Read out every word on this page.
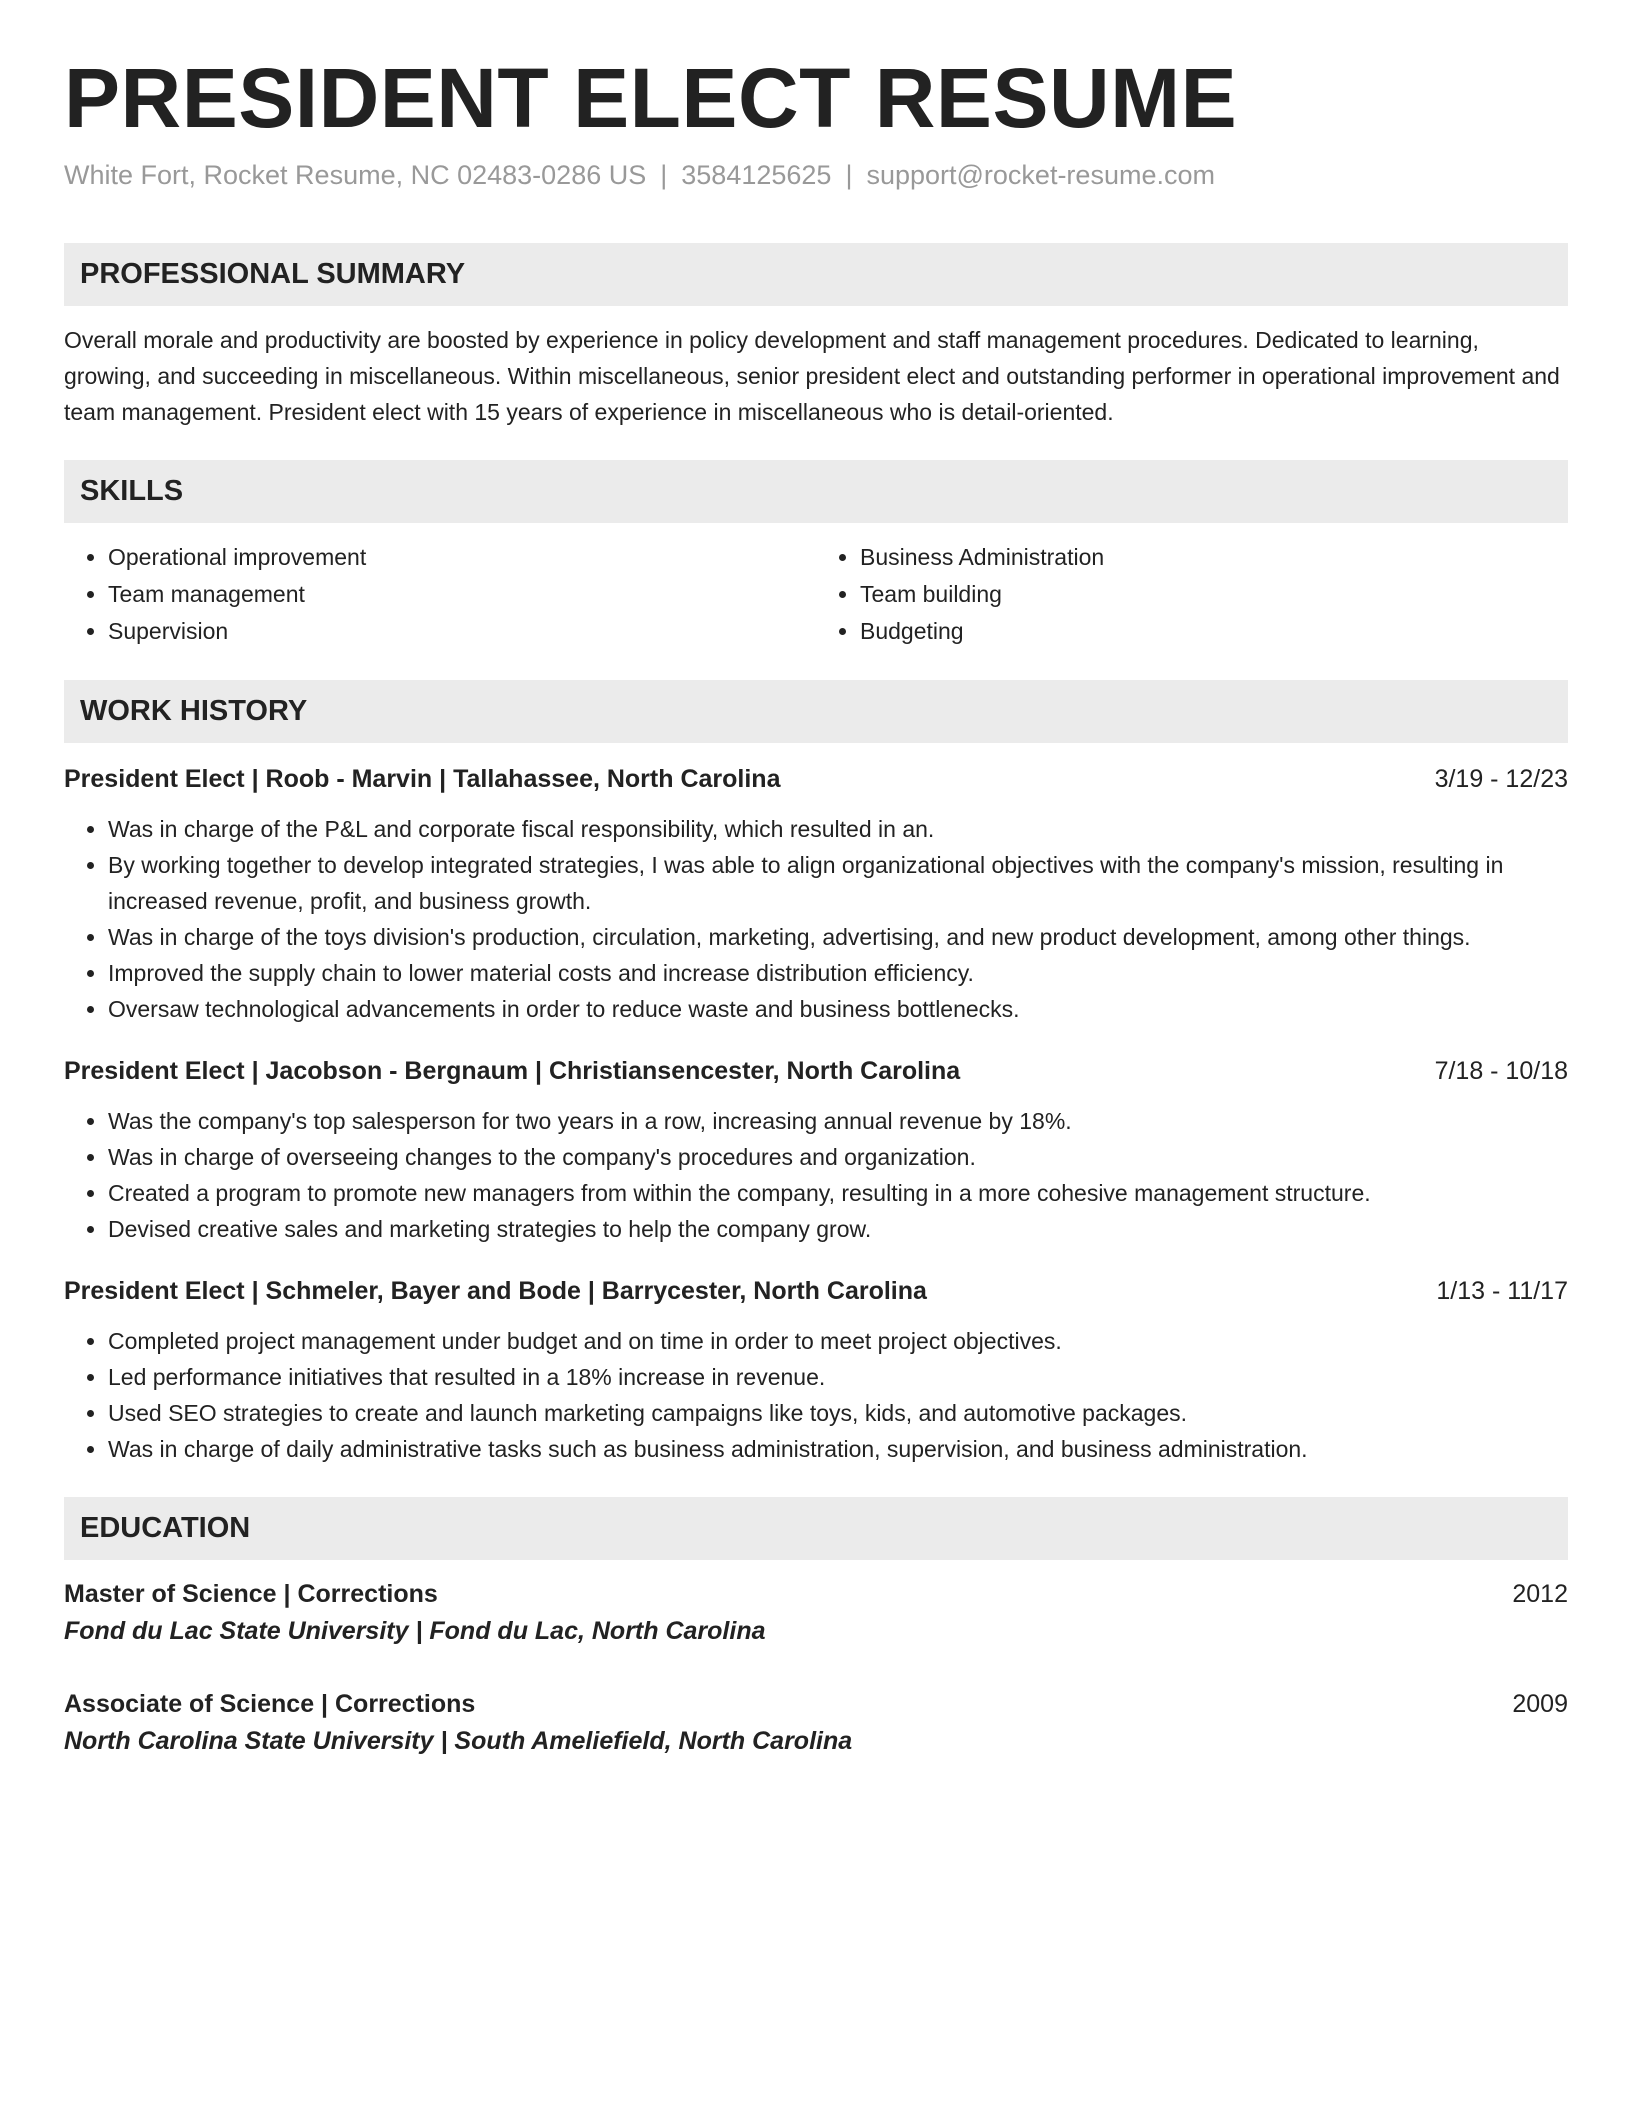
PRESIDENT ELECT RESUME
White Fort, Rocket Resume, NC 02483-0286 US | 3584125625 | support@rocket-resume.com
PROFESSIONAL SUMMARY

Overall morale and productivity are boosted by experience in policy development and staff management procedures. Dedicated to learning, growing, and succeeding in miscellaneous. Within miscellaneous, senior president elect and outstanding performer in operational improvement and team management. President elect with 15 years of experience in miscellaneous who is detail-oriented.

SKILLS
• Operational improvement
• Team management
• Supervision
• Business Administration
• Team building
• Budgeting
WORK HISTORY
President Elect | Roob - Marvin | Tallahassee, North Carolina	3/19 - 12/23
• Was in charge of the P&L and corporate fiscal responsibility, which resulted in an.
• By working together to develop integrated strategies, I was able to align organizational objectives with the company's mission, resulting in increased revenue, profit, and business growth.
• Was in charge of the toys division's production, circulation, marketing, advertising, and new product development, among other things.
• Improved the supply chain to lower material costs and increase distribution efficiency.
• Oversaw technological advancements in order to reduce waste and business bottlenecks.
President Elect | Jacobson - Bergnaum | Christiansencester, North Carolina	7/18 - 10/18
• Was the company's top salesperson for two years in a row, increasing annual revenue by 18%.
• Was in charge of overseeing changes to the company's procedures and organization.
• Created a program to promote new managers from within the company, resulting in a more cohesive management structure.
• Devised creative sales and marketing strategies to help the company grow.
President Elect | Schmeler, Bayer and Bode | Barrycester, North Carolina	1/13 - 11/17
• Completed project management under budget and on time in order to meet project objectives.
• Led performance initiatives that resulted in a 18% increase in revenue.
• Used SEO strategies to create and launch marketing campaigns like toys, kids, and automotive packages.
• Was in charge of daily administrative tasks such as business administration, supervision, and business administration.
EDUCATION
Master of Science | Corrections	2012
Fond du Lac State University | Fond du Lac, North Carolina
Associate of Science | Corrections	2009
North Carolina State University | South Ameliefield, North Carolina
